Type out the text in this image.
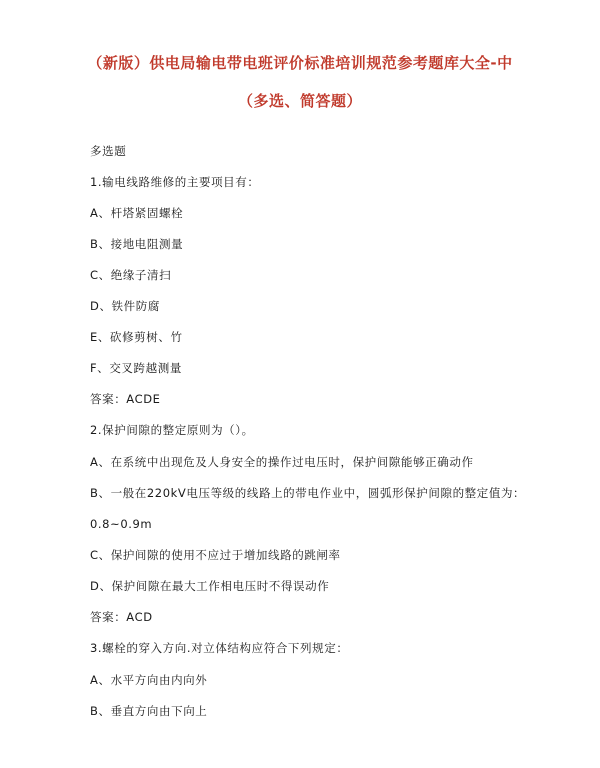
（新版）供电局输电带电班评价标准培训规范参考题库大全-中
（多选、简答题）
多选题
1.输电线路维修的主要项目有：
A、杆塔紧固螺栓
B、接地电阻测量
C、绝缘子清扫
D、铁件防腐
E、砍修剪树、竹
F、交叉跨越测量
答案：ACDE
2.保护间隙的整定原则为（）。
A、在系统中出现危及人身安全的操作过电压时，保护间隙能够正确动作
B、一般在220kV电压等级的线路上的带电作业中，圆弧形保护间隙的整定值为：
0.8~0.9m
C、保护间隙的使用不应过于增加线路的跳闸率
D、保护间隙在最大工作相电压时不得误动作
答案：ACD
3.螺栓的穿入方向.对立体结构应符合下列规定：
A、水平方向由内向外
B、垂直方向由下向上
